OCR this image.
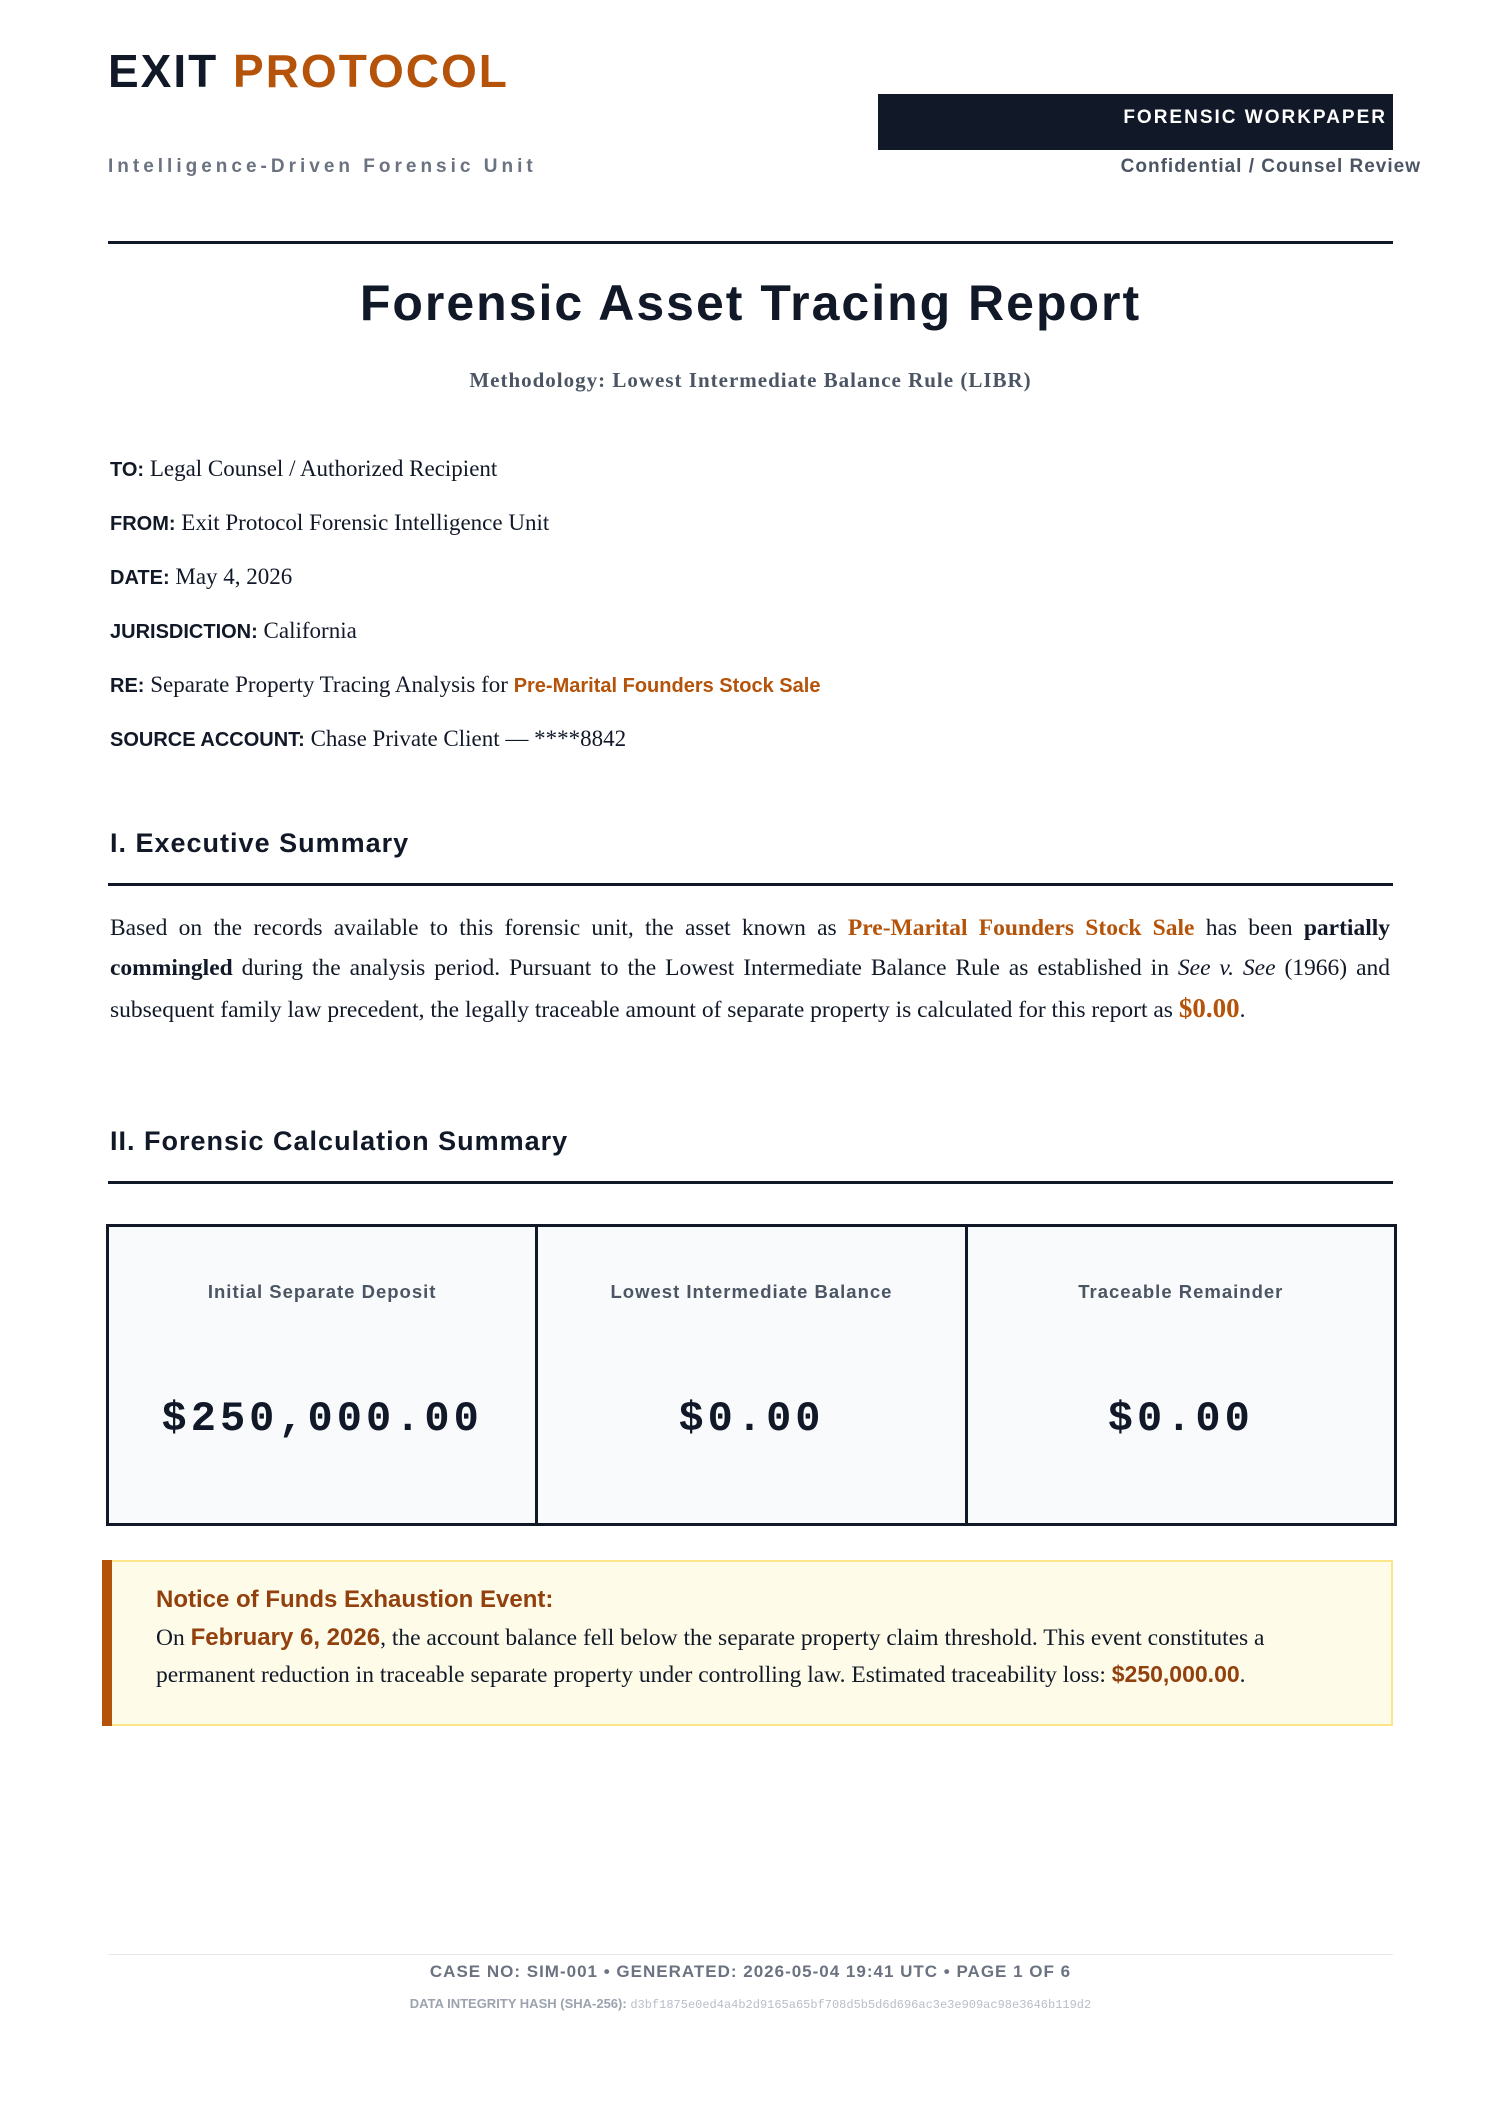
EXIT PROTOCOL
Intelligence-Driven Forensic Unit
FORENSIC WORKPAPER
Confidential / Counsel Review
Forensic Asset Tracing Report
Methodology: Lowest Intermediate Balance Rule (LIBR)
TO: Legal Counsel / Authorized Recipient
FROM: Exit Protocol Forensic Intelligence Unit
DATE: May 4, 2026
JURISDICTION: California
RE: Separate Property Tracing Analysis for Pre-Marital Founders Stock Sale
SOURCE ACCOUNT: Chase Private Client — ****8842
I. Executive Summary
Based on the records available to this forensic unit, the asset known as Pre-Marital Founders Stock Sale has been partially commingled during the analysis period. Pursuant to the Lowest Intermediate Balance Rule as established in See v. See (1966) and subsequent family law precedent, the legally traceable amount of separate property is calculated for this report as $0.00.
II. Forensic Calculation Summary
Initial Separate Deposit
$250,000.00
Lowest Intermediate Balance
$0.00
Traceable Remainder
$0.00
Notice of Funds Exhaustion Event:
On February 6, 2026, the account balance fell below the separate property claim threshold. This event constitutes a permanent reduction in traceable separate property under controlling law. Estimated traceability loss: $250,000.00.
CASE NO: SIM-001 • GENERATED: 2026-05-04 19:41 UTC • PAGE 1 OF 6
DATA INTEGRITY HASH (SHA-256): d3bf1875e0ed4a4b2d9165a65bf708d5b5d6d696ac3e3e909ac98e3646b119d2
